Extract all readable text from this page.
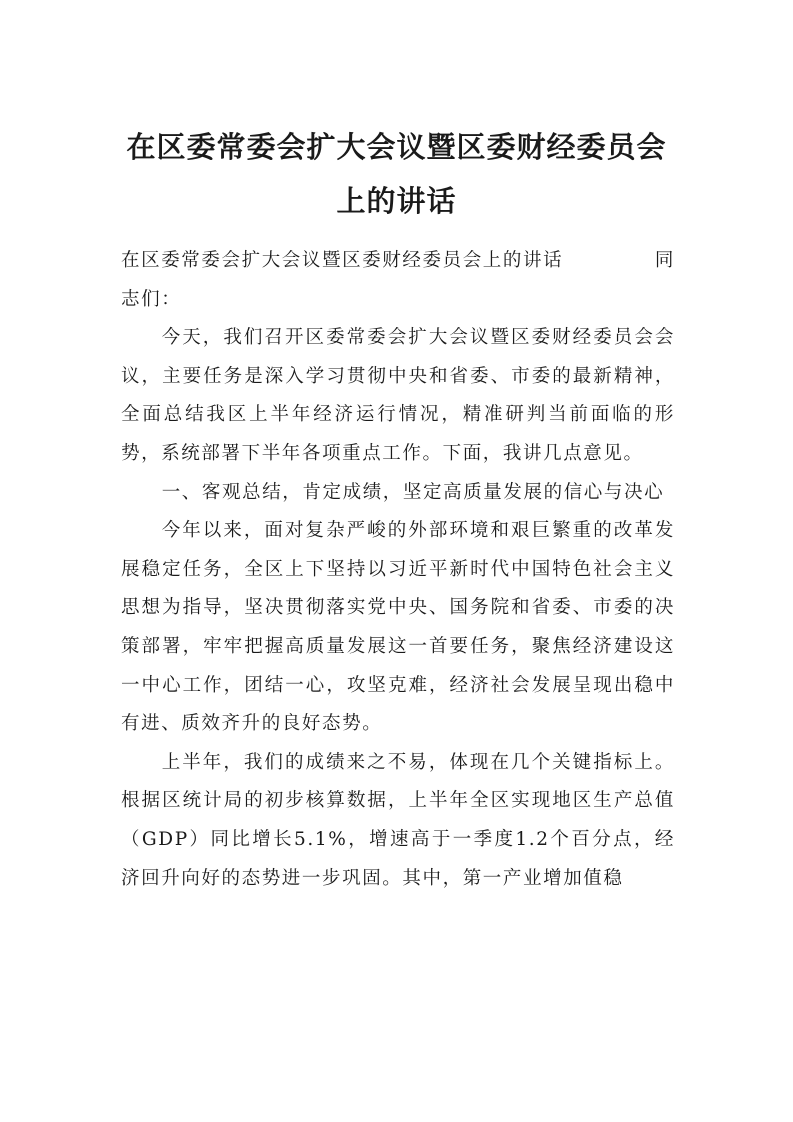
在区委常委会扩大会议暨区委财经委员会
上的讲话
在区委常委会扩大会议暨区委财经委员会上的讲话	同

志们：

今天，我们召开区委常委会扩大会议暨区委财经委员会会议，主要任务是深入学习贯彻中央和省委、市委的最新精神，全面总结我区上半年经济运行情况，精准研判当前面临的形势，系统部署下半年各项重点工作。下面，我讲几点意见。

一、客观总结，肯定成绩，坚定高质量发展的信心与决心

今年以来，面对复杂严峻的外部环境和艰巨繁重的改革发展稳定任务，全区上下坚持以习近平新时代中国特色社会主义思想为指导，坚决贯彻落实党中央、国务院和省委、市委的决策部署，牢牢把握高质量发展这一首要任务，聚焦经济建设这一中心工作，团结一心，攻坚克难，经济社会发展呈现出稳中有进、质效齐升的良好态势。

上半年，我们的成绩来之不易，体现在几个关键指标上。根据区统计局的初步核算数据，上半年全区实现地区生产总值（GDP）同比增长5.1%，增速高于一季度1.2个百分点，经济回升向好的态势进一步巩固。其中，第一产业增加值稳
